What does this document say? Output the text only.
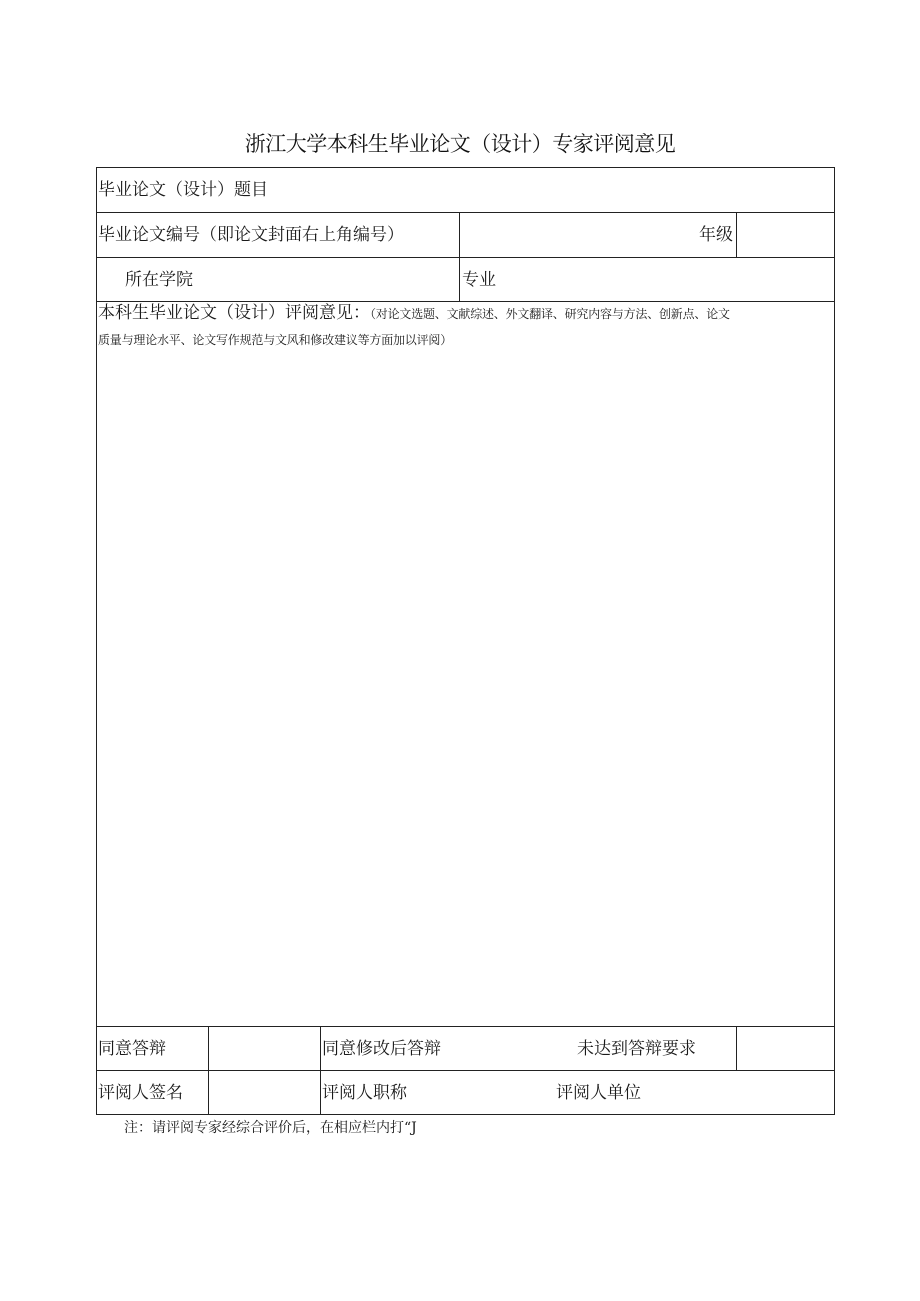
浙江大学本科生毕业论文（设计）专家评阅意见
毕业论文（设计）题目
毕业论文编号（即论文封面右上角编号）	年级
所在学院	专业
本科生毕业论文（设计）评阅意见：（对论文选题、文献综述、外文翻译、研究内容与方法、创新点、论文
质量与理论水平、论文写作规范与文风和修改建议等方面加以评阅）
同意答辩	同意修改后答辩	未达到答辩要求
评阅人签名	评阅人职称	评阅人单位
注：请评阅专家经综合评价后，在相应栏内打“J
